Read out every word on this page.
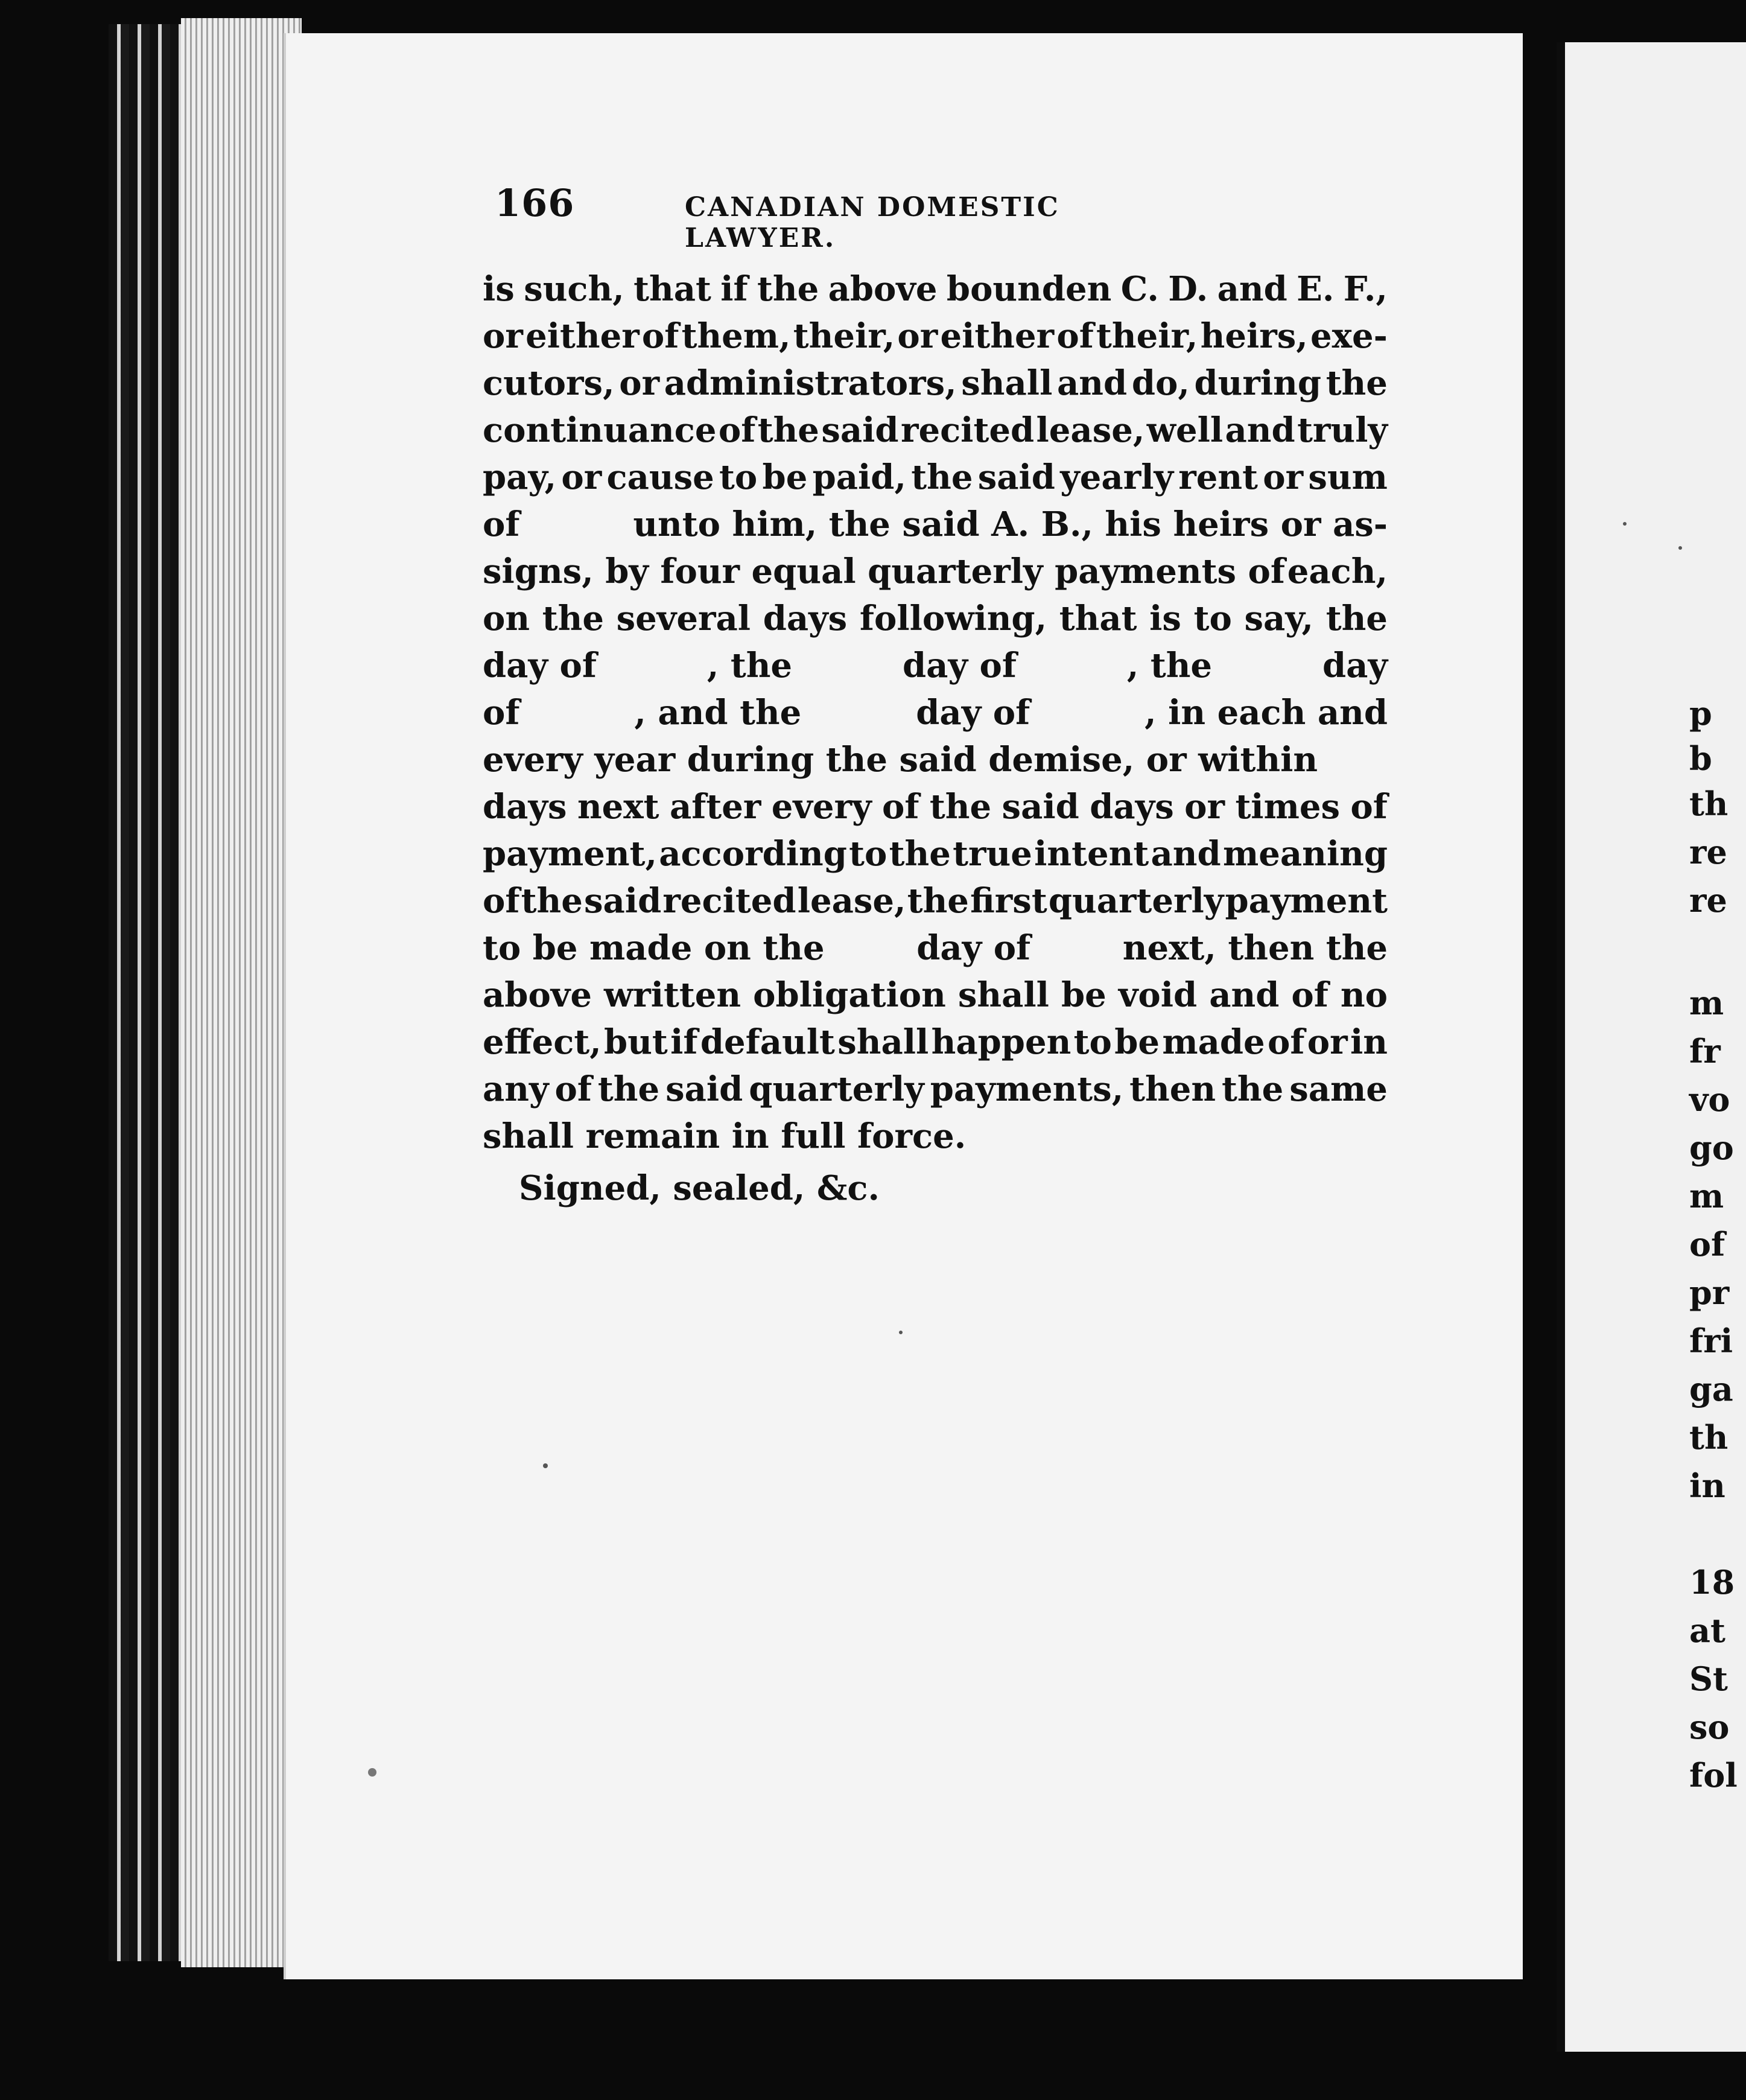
166	CANADIAN DOMESTIC LAWYER.
is such, that if the above bounden C. D. and E. F.,
or either of them, their, or either of their, heirs, exe-
cutors, or administrators, shall and do, during the
continuance of the said recited lease, well and truly
pay, or cause to be paid, the said yearly rent or sum
of	unto him, the said A. B., his heirs or as-
signs, by four equal quarterly payments of each,
on the several days following, that is to say, the
day of	, the	day of	, the	day
of	, and the	day of	, in each and
every year during the said demise, or within
days next after every of the said days or times of
payment, according to the true intent and meaning
of the said recited lease, the first quarterly payment
to be made on the	day of	next, then the
above written obligation shall be void and of no
effect, but if default shall happen to be made of or in
any of the said quarterly payments, then the same
shall remain in full force.
Signed, sealed, &c.
p
b
th
re
re
m
fr
vo
go
m
of
pr
fri
ga
th
in
18
at
St
so
fol
